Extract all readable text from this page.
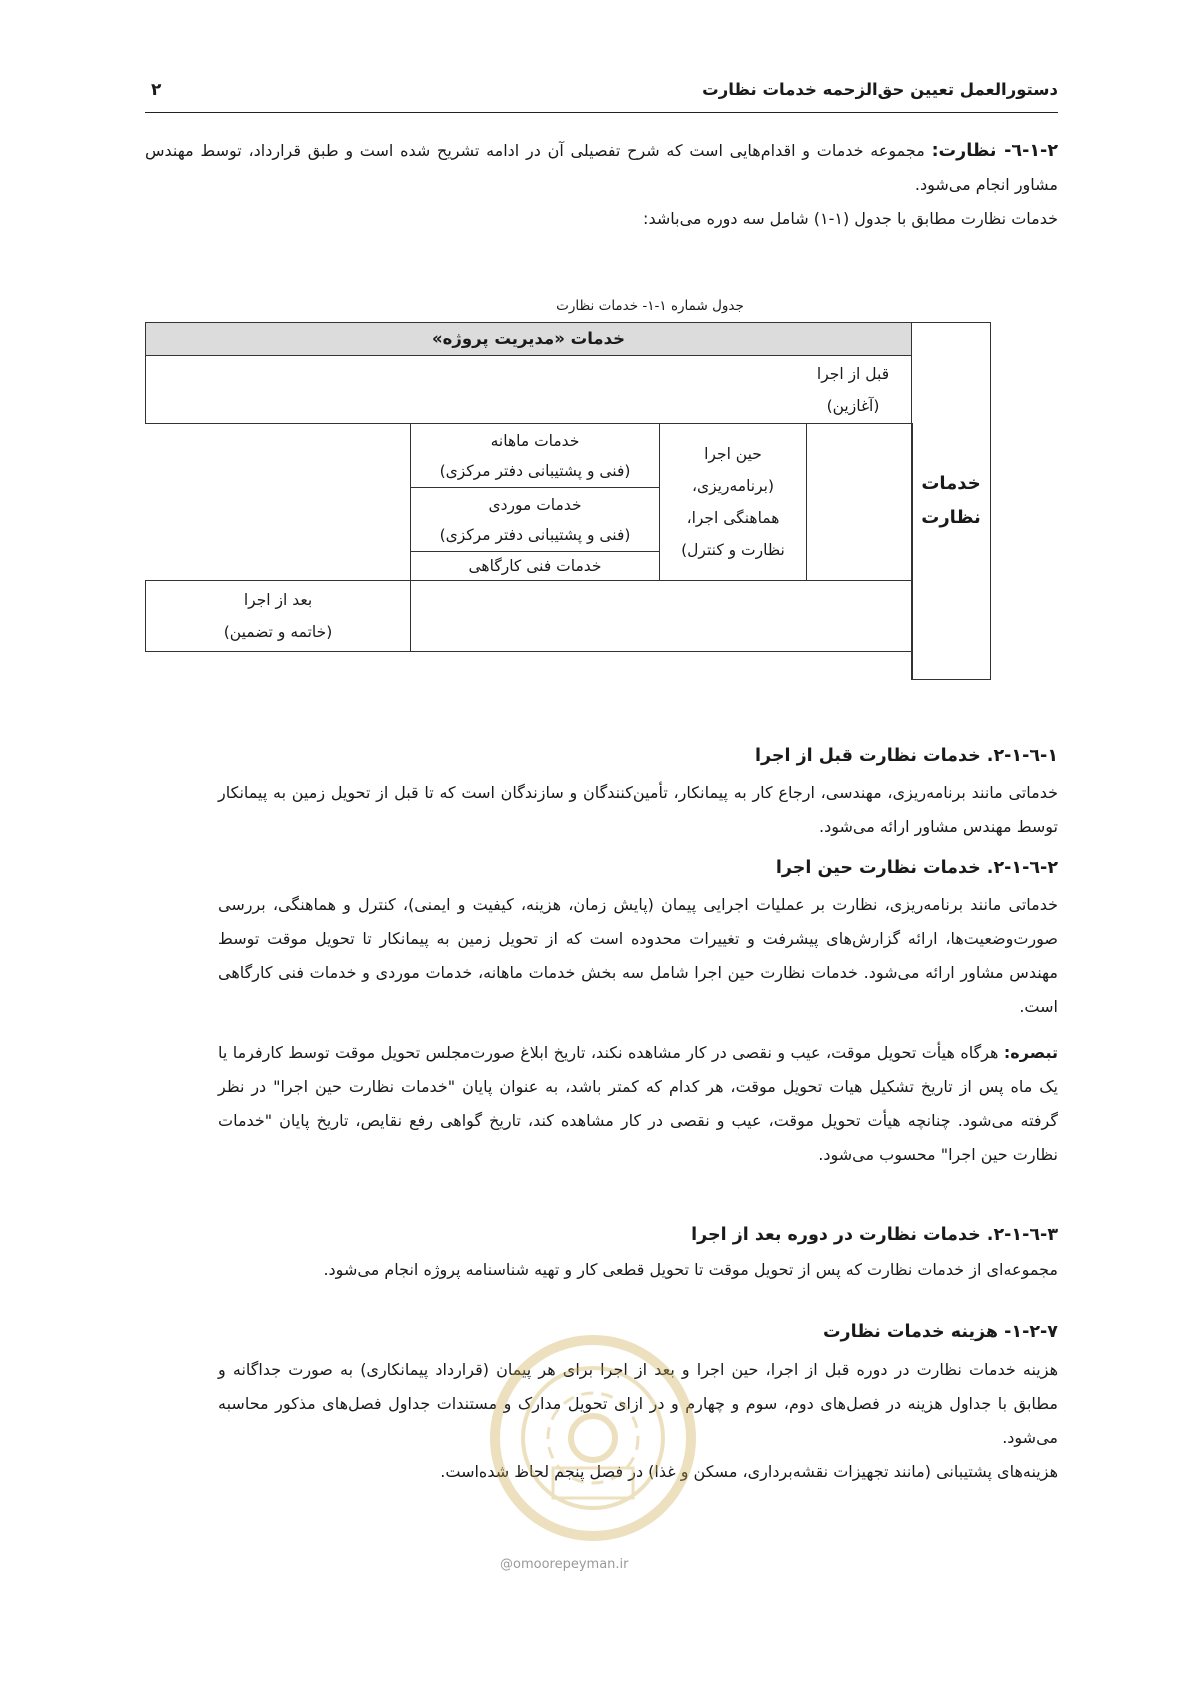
دستورالعمل تعیین حق‌الزحمه خدمات نظارت
۲
۱-۲-٦- نظارت: مجموعه خدمات و اقدام‌هایی است که شرح تفصیلی آن در ادامه تشریح شده است و طبق قرارداد، توسط مهندس مشاور انجام می‌شود.
خدمات نظارت مطابق با جدول (۱-۱) شامل سه دوره می‌باشد:
جدول شماره ۱-۱- خدمات نظارت
خدمات «مدیریت پروژه»
خدمات نظارت
قبل از اجرا (آغازین)
حین اجرا (برنامه‌ریزی، هماهنگی اجرا، نظارت و کنترل)
خدمات ماهانه
(فنی و پشتیبانی دفتر مرکزی)
خدمات موردی
(فنی و پشتیبانی دفتر مرکزی)
خدمات فنی کارگاهی
بعد از اجرا
(خاتمه و تضمین)
۱-٦-۲-۱. خدمات نظارت قبل از اجرا
خدماتی مانند برنامه‌ریزی، مهندسی، ارجاع کار به پیمانکار، تأمین‌کنندگان و سازندگان است که تا قبل از تحویل زمین به پیمانکار توسط مهندس مشاور ارائه می‌شود.
۲-٦-۲-۱. خدمات نظارت حین اجرا
خدماتی مانند برنامه‌ریزی، نظارت بر عملیات اجرایی پیمان (پایش زمان، هزینه، کیفیت و ایمنی)، کنترل و هماهنگی، بررسی صورت‌وضعیت‌ها، ارائه گزارش‌های پیشرفت و تغییرات محدوده است که از تحویل زمین به پیمانکار تا تحویل موقت توسط مهندس مشاور ارائه می‌شود. خدمات نظارت حین اجرا شامل سه بخش خدمات ماهانه، خدمات موردی و خدمات فنی کارگاهی است.
تبصره: هرگاه هیأت تحویل موقت، عیب و نقصی در کار مشاهده نکند، تاریخ ابلاغ صورت‌مجلس تحویل موقت توسط کارفرما یا یک ماه پس از تاریخ تشکیل هیات تحویل موقت، هر کدام که کمتر باشد، به عنوان پایان "خدمات نظارت حین اجرا" در نظر گرفته می‌شود. چنانچه هیأت تحویل موقت، عیب و نقصی در کار مشاهده کند، تاریخ گواهی رفع نقایص، تاریخ پایان "خدمات نظارت حین اجرا" محسوب می‌شود.
۳-٦-۲-۱. خدمات نظارت در دوره بعد از اجرا
مجموعه‌ای از خدمات نظارت که پس از تحویل موقت تا تحویل قطعی کار و تهیه شناسنامه پروژه انجام می‌شود.
۱-۲-۷- هزینه خدمات نظارت
هزینه خدمات نظارت در دوره قبل از اجرا، حین اجرا و بعد از اجرا برای هر پیمان (قرارداد پیمانکاری) به صورت جداگانه و مطابق با جداول هزینه در فصل‌های دوم، سوم و چهارم و در ازای تحویل مدارک و مستندات جداول فصل‌های مذکور محاسبه می‌شود.
هزینه‌های پشتیبانی (مانند تجهیزات نقشه‌برداری، مسکن و غذا) در فصل پنجم لحاظ شده‌است.
@omoorepeyman.ir
